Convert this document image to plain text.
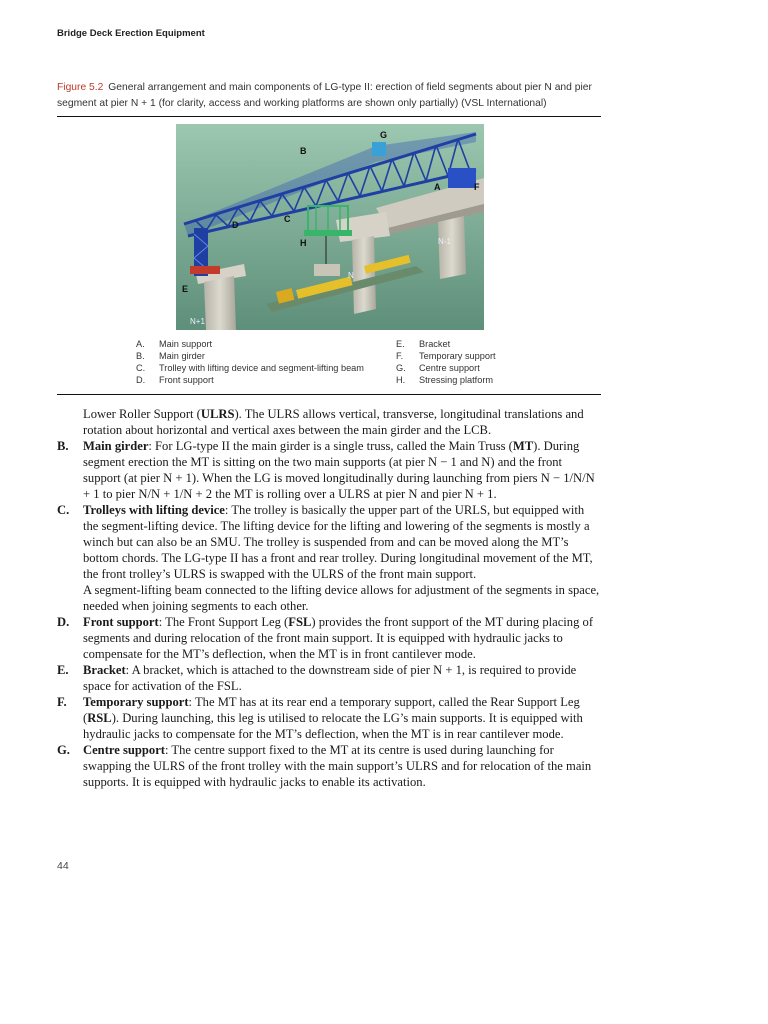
Bridge Deck Erection Equipment
Figure 5.2 General arrangement and main components of LG-type II: erection of field segments about pier N and pier segment at pier N + 1 (for clarity, access and working platforms are shown only partially) (VSL International)
G
B
A	F
C
D
H
E
N
N-1
N+1
A.	Main support
B.	Main girder
C.	Trolley with lifting device and segment-lifting beam
D.	Front support
E.	Bracket
F.	Temporary support
G.	Centre support
H.	Stressing platform

Lower Roller Support (ULRS). The ULRS allows vertical, transverse, longitudinal translations and rotation about horizontal and vertical axes between the main girder and the LCB.

B.	Main girder: For LG-type II the main girder is a single truss, called the Main Truss (MT). During segment erection the MT is sitting on the two main supports (at pier N − 1 and N) and the front support (at pier N + 1). When the LG is moved longitudinally during launching from piers N − 1/N/N + 1 to pier N/N + 1/N + 2 the MT is rolling over a ULRS at pier N and pier N + 1.

C.	Trolleys with lifting device: The trolley is basically the upper part of the URLS, but equipped with the segment-lifting device. The lifting device for the lifting and lowering of the segments is mostly a winch but can also be an SMU. The trolley is suspended from and can be moved along the MT’s bottom chords. The LG-type II has a front and rear trolley. During longitudinal movement of the MT, the front trolley’s ULRS is swapped with the ULRS of the front main support.

A segment-lifting beam connected to the lifting device allows for adjustment of the segments in space, needed when joining segments to each other.

D.	Front support: The Front Support Leg (FSL) provides the front support of the MT during placing of segments and during relocation of the front main support. It is equipped with hydraulic jacks to compensate for the MT’s deflection, when the MT is in front cantilever mode.

E.	Bracket: A bracket, which is attached to the downstream side of pier N + 1, is required to provide space for activation of the FSL.

F.	Temporary support: The MT has at its rear end a temporary support, called the Rear Support Leg (RSL). During launching, this leg is utilised to relocate the LG’s main supports. It is equipped with hydraulic jacks to compensate for the MT’s deflection, when the MT is in rear cantilever mode.

G.	Centre support: The centre support fixed to the MT at its centre is used during launching for swapping the ULRS of the front trolley with the main support’s ULRS and for relocation of the main supports. It is equipped with hydraulic jacks to enable its activation.

44
